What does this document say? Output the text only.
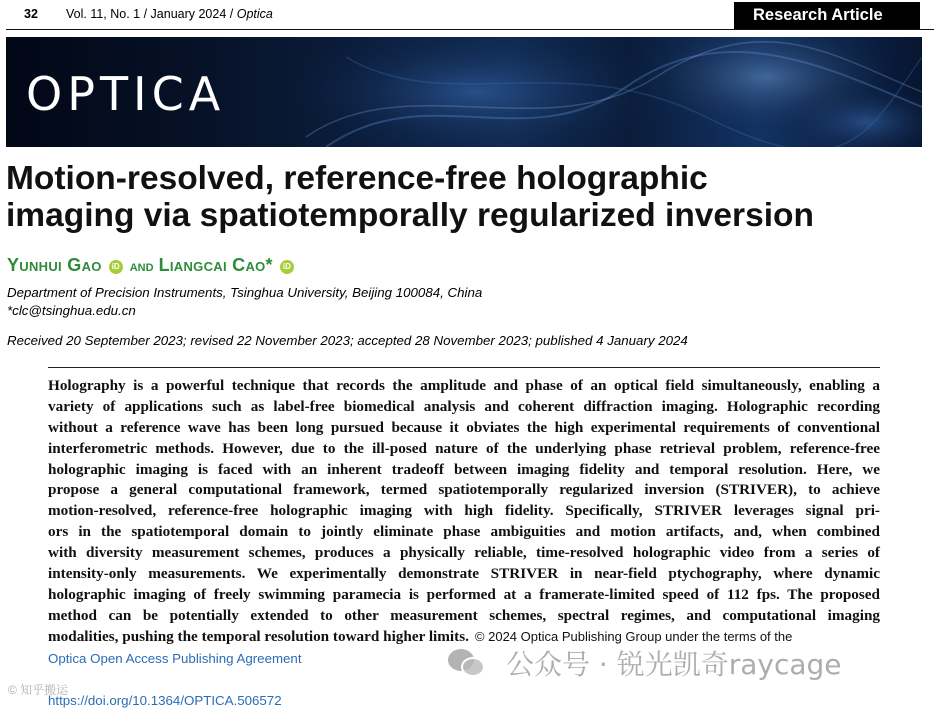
32 Vol. 11, No. 1 / January 2024 / Optica	Research Article
OPTICA
Motion-resolved, reference-free holographic
imaging via spatiotemporally regularized inversion
Yunhui Gao iD and Liangcai Cao* iD
Department of Precision Instruments, Tsinghua University, Beijing 100084, China
*clc@tsinghua.edu.cn
Received 20 September 2023; revised 22 November 2023; accepted 28 November 2023; published 4 January 2024
Holography is a powerful technique that records the amplitude and phase of an optical field simultaneously, enabling a
variety of applications such as label-free biomedical analysis and coherent diffraction imaging. Holographic recording
without a reference wave has been long pursued because it obviates the high experimental requirements of conventional
interferometric methods. However, due to the ill-posed nature of the underlying phase retrieval problem, reference-free
holographic imaging is faced with an inherent tradeoff between imaging fidelity and temporal resolution. Here, we
propose a general computational framework, termed spatiotemporally regularized inversion (STRIVER), to achieve
motion-resolved, reference-free holographic imaging with high fidelity. Specifically, STRIVER leverages signal pri-
ors in the spatiotemporal domain to jointly eliminate phase ambiguities and motion artifacts, and, when combined
with diversity measurement schemes, produces a physically reliable, time-resolved holographic video from a series of
intensity-only measurements. We experimentally demonstrate STRIVER in near-field ptychography, where dynamic
holographic imaging of freely swimming paramecia is performed at a framerate-limited speed of 112 fps. The proposed
method can be potentially extended to other measurement schemes, spectral regimes, and computational imaging
modalities, pushing the temporal resolution toward higher limits. © 2024 Optica Publishing Group under the terms of the
Optica Open Access Publishing Agreement	公众号 · 锐光凯奇raycage
© 知乎搬运
https://doi.org/10.1364/OPTICA.506572
